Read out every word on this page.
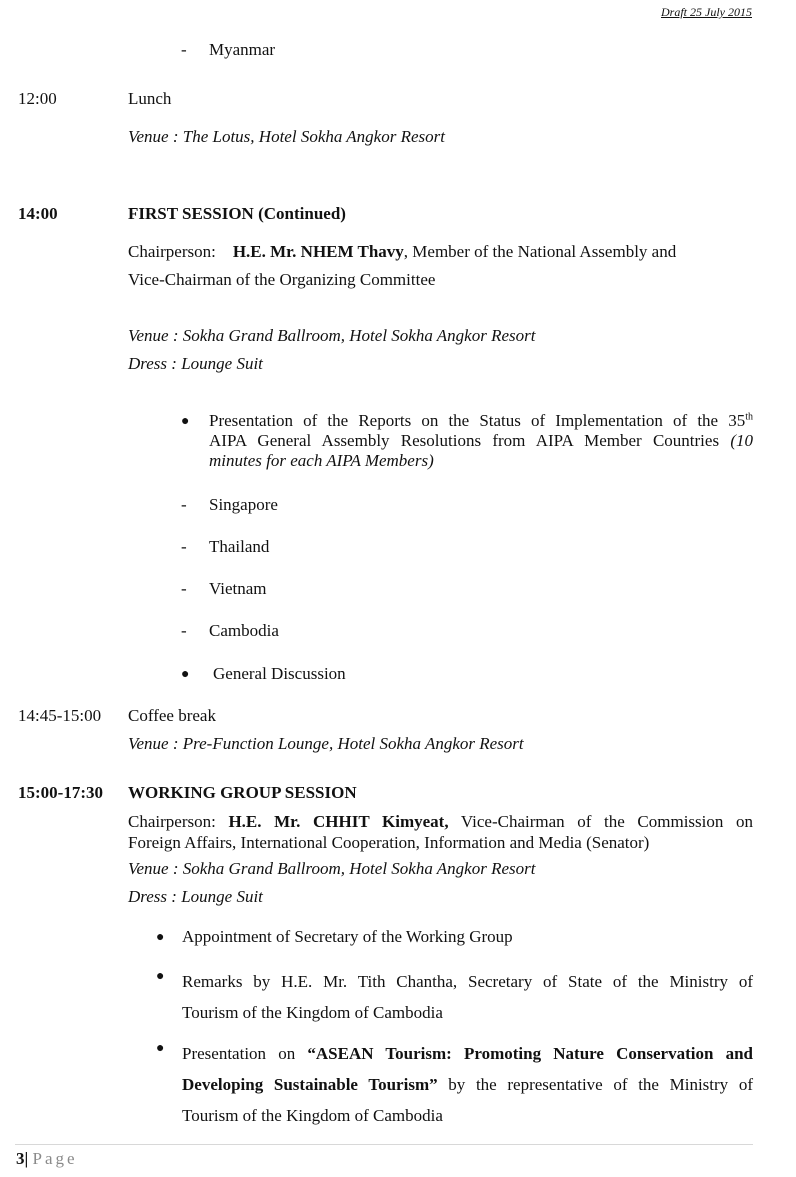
Draft 25 July 2015
- Myanmar
12:00	Lunch
Venue : The Lotus, Hotel Sokha Angkor Resort
14:00	FIRST SESSION (Continued)
Chairperson: H.E. Mr. NHEM Thavy, Member of the National Assembly and
Vice-Chairman of the Organizing Committee
Venue : Sokha Grand Ballroom, Hotel Sokha Angkor Resort
Dress : Lounge Suit
● Presentation of the Reports on the Status of Implementation of the 35th
AIPA General Assembly Resolutions from AIPA Member Countries (10
minutes for each AIPA Members)
- Singapore
- Thailand
- Vietnam
- Cambodia
● General Discussion
14:45-15:00 Coffee break
Venue : Pre-Function Lounge, Hotel Sokha Angkor Resort
15:00-17:30 WORKING GROUP SESSION
Chairperson: H.E. Mr. CHHIT Kimyeat, Vice-Chairman of the Commission on
Foreign Affairs, International Cooperation, Information and Media (Senator)
Venue : Sokha Grand Ballroom, Hotel Sokha Angkor Resort
Dress : Lounge Suit
● Appointment of Secretary of the Working Group
● Remarks by H.E. Mr. Tith Chantha, Secretary of State of the Ministry of
Tourism of the Kingdom of Cambodia
● Presentation on “ASEAN Tourism: Promoting Nature Conservation and
Developing Sustainable Tourism” by the representative of the Ministry of
Tourism of the Kingdom of Cambodia
3| Page
